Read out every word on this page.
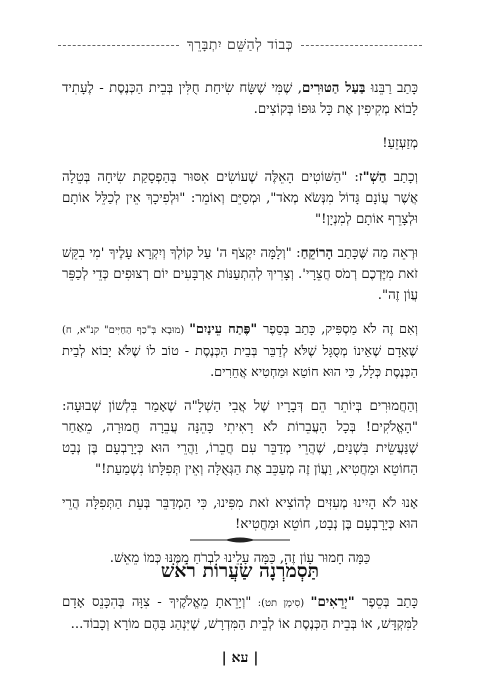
כְּבוֹד לְהַשֵּׁם יִתְבָּרֵךְ

כָּתַב רַבֵּנוּ בַּעַל הַטּוּרִים, שֶׁמִּי שֶׁשָּׂח שִׂיחַת חֻלִּין בְּבֵית הַכְּנֶסֶת - לֶעָתִיד לָבוֹא מְקִיפִין אֶת כָּל גּוּפוֹ בְּקוֹצִים.

מְזַעְזֵעַ!

וְכָתַב הַשְׁ"ז: "הַשּׁוֹטִים הָאֵלֶּה שֶׁעוֹשִׂים אִסּוּר בְּהַפְסָקַת שִׂיחָה בְּטֵלָה אֲשֶׁר עֲוֹנָם גָּדוֹל מִנְּשֹׂא מְאֹד", וּמְסַיֵּם וְאוֹמֵר: "וּלְפִיכָךְ אֵין לְכַלֵּל אוֹתָם וּלְצָרֵף אוֹתָם לְמִנְיָן!"

וּרְאֵה מַה שֶּׁכָּתַב הָרוֹקֵחַ: "וְלָמָּה יִקְצֹף ה' עַל קוֹלְךָ וְיִקְרָא עָלֶיךָ 'מִי בִקֵּשׁ זֹאת מִיֶּדְכֶם רְמֹס חֲצֵרָי'. וְצָרִיךְ לְהִתְעַנּוֹת אַרְבָּעִים יוֹם רְצוּפִים כְּדֵי לְכַפֵּר עֲוֹן זֶה".

וְאִם זֶה לֹא מַסְפִּיק, כָּתַב בְּסֵפֶר "פֶּתַח עֵינַיִם" (מוּבָא בְּ"כַף הַחַיִּים" קנ"א, ח) שֶׁאָדָם שֶׁאֵינוֹ מְסֻגָּל שֶׁלֹּא לְדַבֵּר בְּבֵית הַכְּנֶסֶת - טוֹב לוֹ שֶׁלֹּא יָבוֹא לְבֵית הַכְּנֶסֶת כְּלָל, כִּי הוּא חוֹטֵא וּמַחְטִיא אֲחֵרִים.

וְהַחֲמוּרִים בְּיוֹתֵר הֵם דְּבָרָיו שֶׁל אֲבִי הַשְׁלָ"ה שֶׁאָמַר בִּלְשׁוֹן שְׁבוּעָה: "הָאֱלֹקִים! בְּכָל הָעֲבֵרוֹת לֹא רָאִיתִי כָּהֵנָּה עֲבֵרָה חֲמוּרָה, מֵאַחַר שֶׁנַּעֲשֵׂית בִּשְׁנַיִם, שֶׁהֲרֵי מְדַבֵּר עִם חֲבֵרוֹ, וַהֲרֵי הוּא כְּיָרָבְעָם בֶּן נְבָט הַחוֹטֵא וּמַחֲטִיא, וַעֲוֹן זֶה מְעַכֵּב אֶת הַגְּאֻלָּה וְאֵין תְּפִלָּתוֹ נִשְׁמַעַת!"

אָנוּ לֹא הָיִינוּ מְעִזִּים לְהוֹצִיא זֹאת מִפִּינוּ, כִּי הַמְדַבֵּר בְּעֵת הַתְּפִלָּה הֲרֵי הוּא כְּיָרָבְעָם בֶּן נְבָט, חוֹטֵא וּמַחֲטִיא!

כַּמָּה חָמוּר עָוֹן זֶה, כַּמָּה עָלֵינוּ לִבְרֹחַ מִמֶּנּוּ כְּמוֹ מֵאֵשׁ.

תַּסְמֹרְנָה שַׂעֲרוֹת רֹאשׁ

כָּתַב בְּסֵפֶר "יְרֵאִים" (סִימָן תט): "וְיָרֵאתָ מֵאֱלֹקֶיךָ - צִוָּה בְּהִכָּנֵס אָדָם לַמִּקְדָּשׁ, אוֹ בְּבֵית הַכְּנֶסֶת אוֹ לְבֵית הַמִּדְרָשׁ, שֶׁיִּנְהַג בָּהֶם מוֹרָא וְכָבוֹד...

| עא |
